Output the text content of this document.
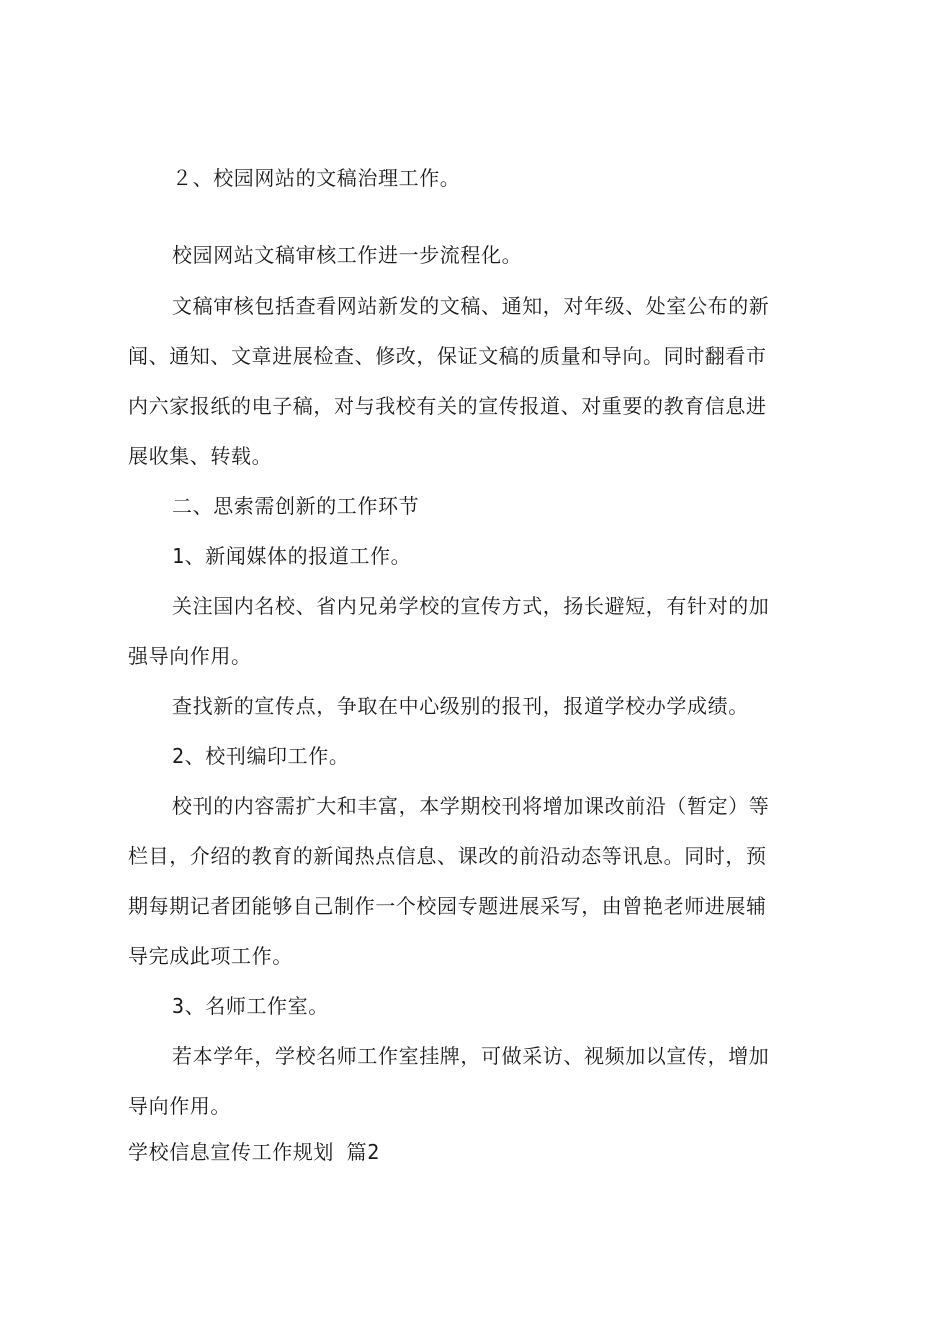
２、校园网站的文稿治理工作。
校园网站文稿审核工作进一步流程化。
文稿审核包括查看网站新发的文稿、通知，对年级、处室公布的新
闻、通知、文章进展检查、修改，保证文稿的质量和导向。同时翻看市
内六家报纸的电子稿，对与我校有关的宣传报道、对重要的教育信息进
展收集、转载。
二、思索需创新的工作环节
1、新闻媒体的报道工作。
关注国内名校、省内兄弟学校的宣传方式，扬长避短，有针对的加
强导向作用。
查找新的宣传点，争取在中心级别的报刊，报道学校办学成绩。
2、校刊编印工作。
校刊的内容需扩大和丰富，本学期校刊将增加课改前沿（暂定）等
栏目，介绍的教育的新闻热点信息、课改的前沿动态等讯息。同时，预
期每期记者团能够自己制作一个校园专题进展采写，由曾艳老师进展辅
导完成此项工作。
3、名师工作室。
若本学年，学校名师工作室挂牌，可做采访、视频加以宣传，增加
导向作用。
学校信息宣传工作规划 篇2
